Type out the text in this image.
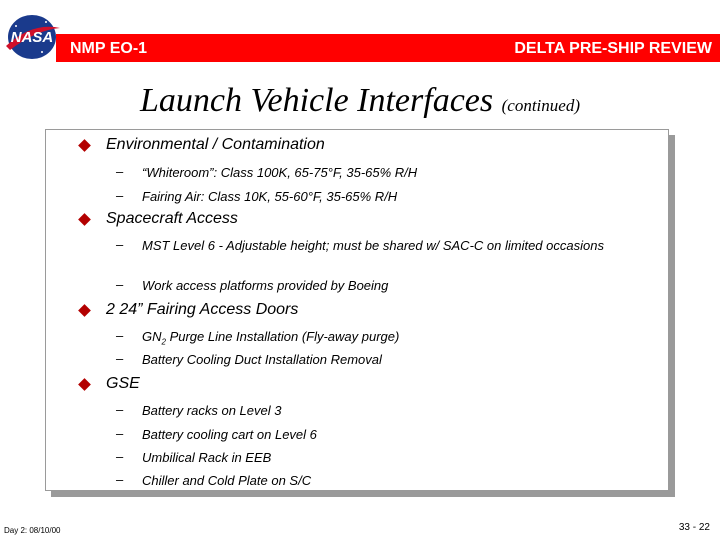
NASA
NMP EO-1	DELTA PRE-SHIP REVIEW
Launch Vehicle Interfaces (continued)
Environmental / Contamination
– “Whiteroom”: Class 100K, 65-75°F, 35-65% R/H
– Fairing Air: Class 10K, 55-60°F, 35-65% R/H
Spacecraft Access
– MST Level 6 - Adjustable height; must be shared w/ SAC-C on limited occasions
– Work access platforms provided by Boeing
2 24” Fairing Access Doors
– $GN_2$ Purge Line Installation (Fly-away purge)
– Battery Cooling Duct Installation Removal
GSE
– Battery racks on Level 3
– Battery cooling cart on Level 6
– Umbilical Rack in EEB
– Chiller and Cold Plate on S/C
Day 2: 08/10/00	33 - 22
